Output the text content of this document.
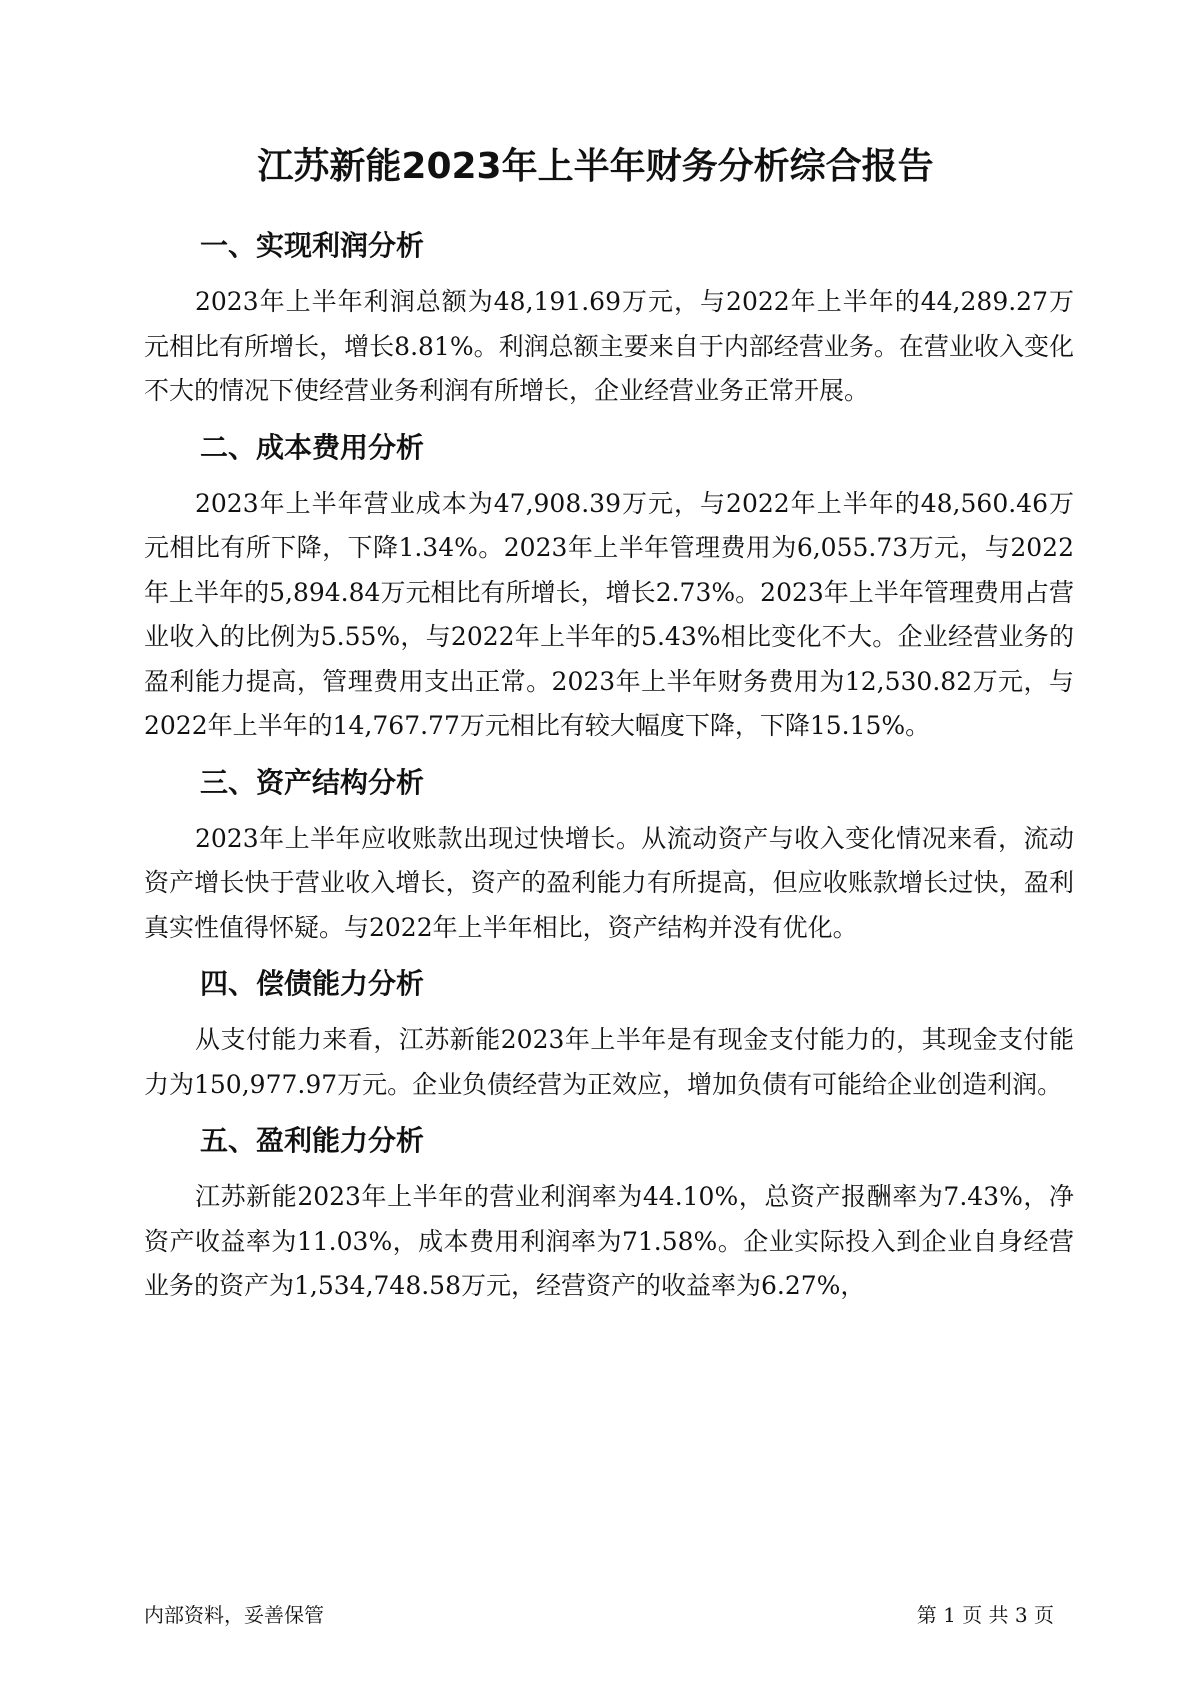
江苏新能2023年上半年财务分析综合报告
一、实现利润分析

2023年上半年利润总额为48,191.69万元，与2022年上半年的44,289.27万元相比有所增长，增长8.81%。利润总额主要来自于内部经营业务。在营业收入变化不大的情况下使经营业务利润有所增长，企业经营业务正常开展。

二、成本费用分析

2023年上半年营业成本为47,908.39万元，与2022年上半年的48,560.46万元相比有所下降，下降1.34%。2023年上半年管理费用为6,055.73万元，与2022年上半年的5,894.84万元相比有所增长，增长2.73%。2023年上半年管理费用占营业收入的比例为5.55%，与2022年上半年的5.43%相比变化不大。企业经营业务的盈利能力提高，管理费用支出正常。2023年上半年财务费用为12,530.82万元，与2022年上半年的14,767.77万元相比有较大幅度下降，下降15.15%。

三、资产结构分析

2023年上半年应收账款出现过快增长。从流动资产与收入变化情况来看，流动资产增长快于营业收入增长，资产的盈利能力有所提高，但应收账款增长过快，盈利真实性值得怀疑。与2022年上半年相比，资产结构并没有优化。

四、偿债能力分析

从支付能力来看，江苏新能2023年上半年是有现金支付能力的，其现金支付能力为150,977.97万元。企业负债经营为正效应，增加负债有可能给企业创造利润。

五、盈利能力分析

江苏新能2023年上半年的营业利润率为44.10%，总资产报酬率为7.43%，净资产收益率为11.03%，成本费用利润率为71.58%。企业实际投入到企业自身经营业务的资产为1,534,748.58万元，经营资产的收益率为6.27%，

内部资料，妥善保管	第 1 页 共 3 页
